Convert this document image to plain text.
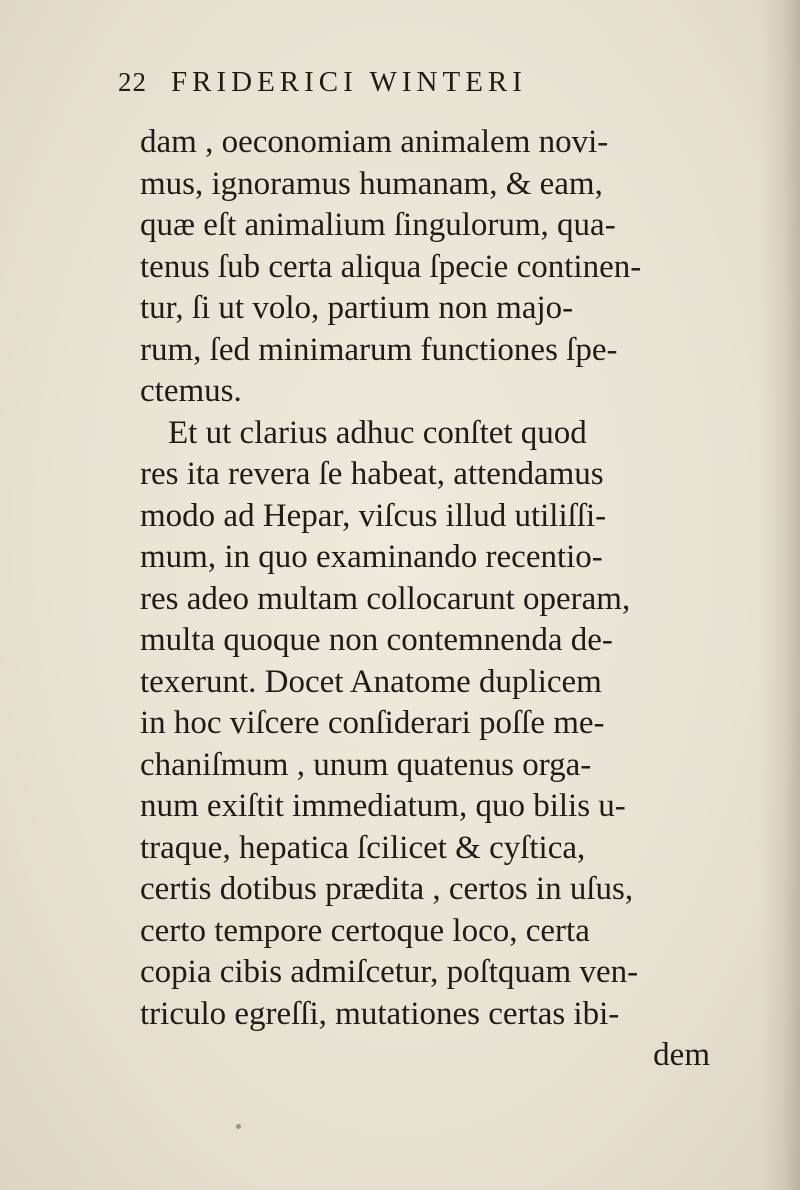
22 FRIDERICI WINTERI
dam , oeconomiam animalem novi-
mus, ignoramus humanam, & eam,
quæ eſt animalium ſingulorum, qua-
tenus ſub certa aliqua ſpecie continen-
tur, ſi ut volo, partium non majo-
rum, ſed minimarum functiones ſpe-
ctemus.
Et ut clarius adhuc conſtet quod
res ita revera ſe habeat, attendamus
modo ad Hepar, viſcus illud utiliſſi-
mum, in quo examinando recentio-
res adeo multam collocarunt operam,
multa quoque non contemnenda de-
texerunt. Docet Anatome duplicem
in hoc viſcere conſiderari poſſe me-
chaniſmum , unum quatenus orga-
num exiſtit immediatum, quo bilis u-
traque, hepatica ſcilicet & cyſtica,
certis dotibus prædita , certos in uſus,
certo tempore certoque loco, certa
copia cibis admiſcetur, poſtquam ven-
triculo egreſſi, mutationes certas ibi-
dem
